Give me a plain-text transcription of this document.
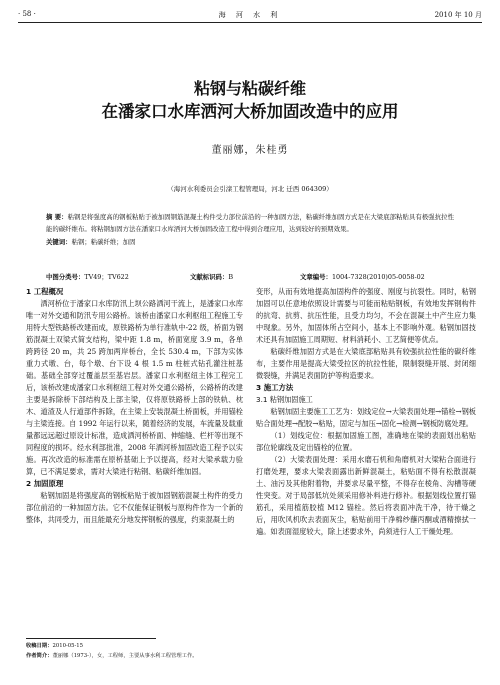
· 58 ·	海 河 水 利	2010 年 10 月
粘钢与粘碳纤维
在潘家口水库洒河大桥加固改造中的应用
董丽娜，朱桂勇
（海河水利委员会引滦工程管理局，河北 迁西 064309）
摘 要：粘钢是将强度高的钢板粘贴于被加固钢筋混凝土构件受力部位前沿的一种加固方法，粘碳纤维加固方式是在大梁底部粘贴具有极强抗拉性能的碳纤维布。将粘钢加固方法在潘家口水库洒河大桥加固改造工程中得到合理应用，达到较好的预期效果。
关键词：粘钢；粘碳纤维；加固
中图分类号：TV49；TV622	文献标识码：B	文章编号：1004-7328(2010)05-0058-02
1 工程概况

洒河桥位于潘家口水库防汛上坝公路洒河干流上，是潘家口水库唯一对外交通和防汛专用公路桥。该桥由潘家口水利枢纽工程施工专用特大型铁路桥改建而成，原铁路桥为单行准轨中-22 级，桥面为钢筋混凝土双梁式简支结构，梁中距 1.8 m，桥面宽度 3.9 m，各单跨跨径 20 m，共 25 跨加两岸桥台，全长 530.4 m，下部为实体重力式墩、台，每个墩、台下设 4 根 1.5 m 柱桩式钻孔灌注桩基础。基础全部穿过覆盖层至基岩层。潘家口水利枢纽主体工程完工后，该桥改建成潘家口水利枢纽工程对外交通公路桥，公路桥的改建主要是拆除桥下部结构及上部主梁，仅将原铁路桥上部的铁轨、枕木、道渣及人行道部件拆除，在主梁上安装混凝土桥面板，并用锚栓与主梁连接。自 1992 年运行以来，随着经济的发展，车流量及载重量都远远超过原设计标准，造成洒河桥桥面、伸缩缝、栏杆等出现不同程度的损坏。经水利部批准，2008 年洒河桥加固改造工程予以实施。再次改造的标准需在原桥基础上予以提高，经对大梁承载力验算，已不满足要求，需对大梁进行粘钢、粘碳纤维加固。

2 加固原理

粘钢加固是将强度高的钢板粘贴于被加固钢筋混凝土构件的受力部位前沿的一种加固方法。它不仅能保证钢板与原构件作为一个新的整体，共同受力，而且能最充分地发挥钢板的强度，约束混凝土的

变形，从而有效地提高加固构件的强度、刚度与抗裂性。同时，粘钢加固可以任意地依照设计需要与可能而粘贴钢板，有效地发挥钢构件的抗弯、抗剪、抗压性能，且受力均匀，不会在混凝土中产生应力集中现象。另外，加固体所占空间小，基本上不影响外观。粘钢加固技术还具有加固施工周期短、材料消耗小、工艺简便等优点。

粘碳纤维加固方式是在大梁底部粘贴具有较强抗拉性能的碳纤维布，主要作用是提高大梁受拉区的抗拉性能，限制裂缝开展、封闭细微裂缝，并满足表面防护等构造要求。

3 施工方法
3.1 粘钢加固施工

粘钢加固主要施工工艺为：划线定位→大梁表面处理→锚栓→钢板贴合面处理→配胶→粘贴，固定与加压→固化→检测→钢板防腐处理。

（1）划线定位：根据加固施工图，准确地在梁的表面划出粘贴部位轮廓线及定出锚栓的位置。

（2）大梁表面处理：采用水磨石机和角磨机对大梁粘合面进行打磨处理，要求大梁表面露出新鲜混凝土，粘贴面不得有松散混凝土、油污及其他附着物，并要求尽量平整，不得存在棱角、沟槽等硬性突变。对于局部低坑处须采用修补料进行修补。根据划线位置打锚筋孔，采用植筋胶植 M12 锚栓。然后将表面冲洗干净，待干燥之后，用吹风机吹去表面灰尘，粘贴前用干净棉纱蘸丙酮或酒精擦拭一遍。如表面湿度较大，除上述要求外，尚须进行人工干燥处理。

收稿日期：2010-05-15
作者简介：董丽娜（1973-），女，工程师，主要从事水利工程管理工作。
